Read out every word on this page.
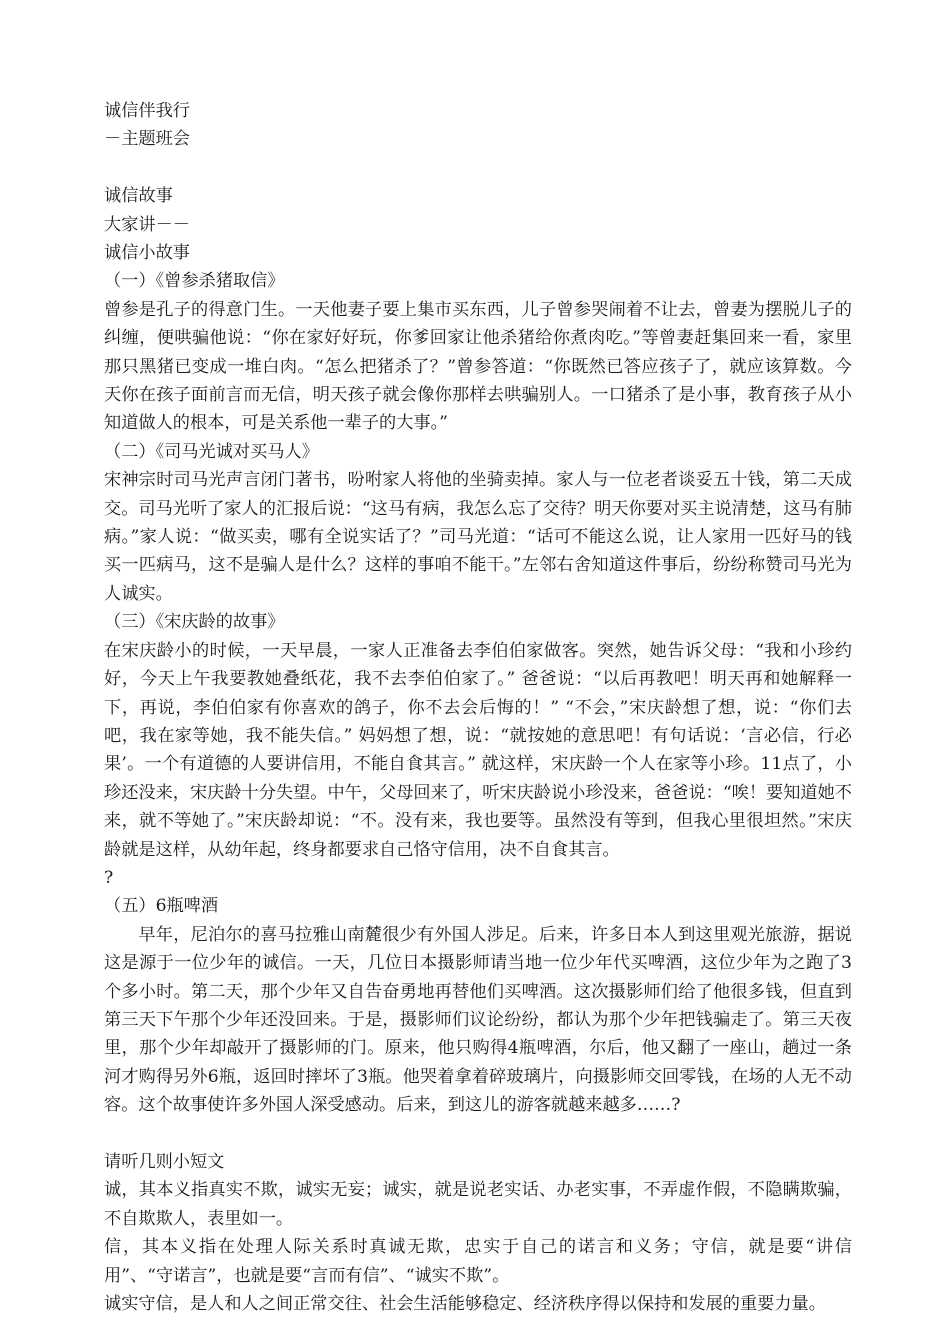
诚信伴我行

－主题班会

诚信故事

大家讲－－

诚信小故事

（一）《曾参杀猪取信》

曾参是孔子的得意门生。一天他妻子要上集市买东西，儿子曾参哭闹着不让去，曾妻为摆脱儿子的纠缠，便哄骗他说：“你在家好好玩，你爹回家让他杀猪给你煮肉吃。”等曾妻赶集回来一看，家里那只黑猪已变成一堆白肉。“怎么把猪杀了？”曾参答道：“你既然已答应孩子了，就应该算数。今天你在孩子面前言而无信，明天孩子就会像你那样去哄骗别人。一口猪杀了是小事，教育孩子从小知道做人的根本，可是关系他一辈子的大事。”

（二）《司马光诚对买马人》

宋神宗时司马光声言闭门著书，吩咐家人将他的坐骑卖掉。家人与一位老者谈妥五十钱，第二天成交。司马光听了家人的汇报后说：“这马有病，我怎么忘了交待？明天你要对买主说清楚，这马有肺病。”家人说：“做买卖，哪有全说实话了？”司马光道：“话可不能这么说，让人家用一匹好马的钱买一匹病马，这不是骗人是什么？这样的事咱不能干。”左邻右舍知道这件事后，纷纷称赞司马光为人诚实。

（三）《宋庆龄的故事》

在宋庆龄小的时候，一天早晨，一家人正准备去李伯伯家做客。突然，她告诉父母：“我和小珍约好，今天上午我要教她叠纸花，我不去李伯伯家了。” 爸爸说：“以后再教吧！明天再和她解释一下，再说，李伯伯家有你喜欢的鸽子，你不去会后悔的！” “不会，”宋庆龄想了想，说：“你们去吧，我在家等她，我不能失信。” 妈妈想了想，说：“就按她的意思吧！有句话说：‘言必信，行必果’。一个有道德的人要讲信用，不能自食其言。” 就这样，宋庆龄一个人在家等小珍。11点了，小珍还没来，宋庆龄十分失望。中午，父母回来了，听宋庆龄说小珍没来，爸爸说：“唉！要知道她不来，就不等她了。”宋庆龄却说：“不。没有来，我也要等。虽然没有等到，但我心里很坦然。”宋庆龄就是这样，从幼年起，终身都要求自己恪守信用，决不自食其言。

?

（五）6瓶啤酒

早年，尼泊尔的喜马拉雅山南麓很少有外国人涉足。后来，许多日本人到这里观光旅游，据说这是源于一位少年的诚信。一天，几位日本摄影师请当地一位少年代买啤酒，这位少年为之跑了3个多小时。第二天，那个少年又自告奋勇地再替他们买啤酒。这次摄影师们给了他很多钱，但直到第三天下午那个少年还没回来。于是，摄影师们议论纷纷，都认为那个少年把钱骗走了。第三天夜里，那个少年却敲开了摄影师的门。原来，他只购得4瓶啤酒，尔后，他又翻了一座山，趟过一条河才购得另外6瓶，返回时摔坏了3瓶。他哭着拿着碎玻璃片，向摄影师交回零钱，在场的人无不动容。这个故事使许多外国人深受感动。后来，到这儿的游客就越来越多……?

请听几则小短文

诚，其本义指真实不欺，诚实无妄；诚实，就是说老实话、办老实事，不弄虚作假，不隐瞒欺骗，不自欺欺人，表里如一。

信，其本义指在处理人际关系时真诚无欺，忠实于自己的诺言和义务；守信，就是要“讲信用”、“守诺言”，也就是要“言而有信”、“诚实不欺”。

诚实守信，是人和人之间正常交往、社会生活能够稳定、经济秩序得以保持和发展的重要力量。
